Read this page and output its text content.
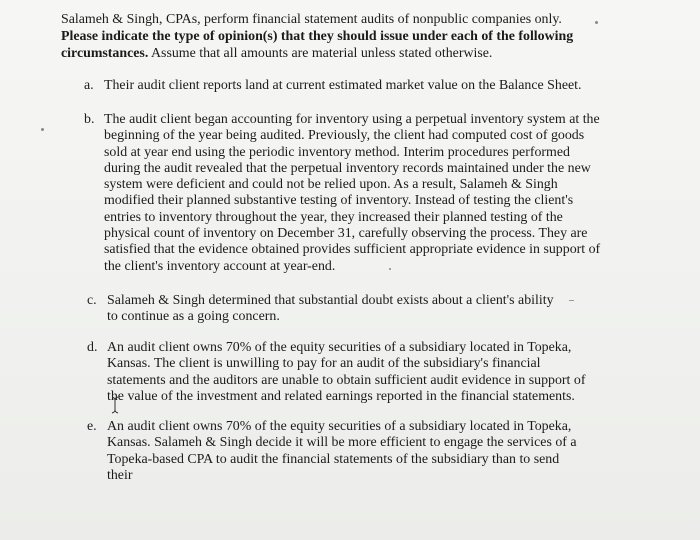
Salameh & Singh, CPAs, perform financial statement audits of nonpublic companies only.
Please indicate the type of opinion(s) that they should issue under each of the following circumstances. Assume that all amounts are material unless stated otherwise.

a. Their audit client reports land at current estimated market value on the Balance Sheet.
b. The audit client began accounting for inventory using a perpetual inventory system at the beginning of the year being audited. Previously, the client had computed cost of goods sold at year end using the periodic inventory method. Interim procedures performed during the audit revealed that the perpetual inventory records maintained under the new system were deficient and could not be relied upon. As a result, Salameh & Singh modified their planned substantive testing of inventory. Instead of testing the client's entries to inventory throughout the year, they increased their planned testing of the physical count of inventory on December 31, carefully observing the process. They are satisfied that the evidence obtained provides sufficient appropriate evidence in support of the client's inventory account at year-end.
c. Salameh & Singh determined that substantial doubt exists about a client's ability to continue as a going concern.
d. An audit client owns 70% of the equity securities of a subsidiary located in Topeka, Kansas. The client is unwilling to pay for an audit of the subsidiary's financial statements and the auditors are unable to obtain sufficient audit evidence in support of the value of the investment and related earnings reported in the financial statements.
e. An audit client owns 70% of the equity securities of a subsidiary located in Topeka, Kansas. Salameh & Singh decide it will be more efficient to engage the services of a Topeka-based CPA to audit the financial statements of the subsidiary than to send their
